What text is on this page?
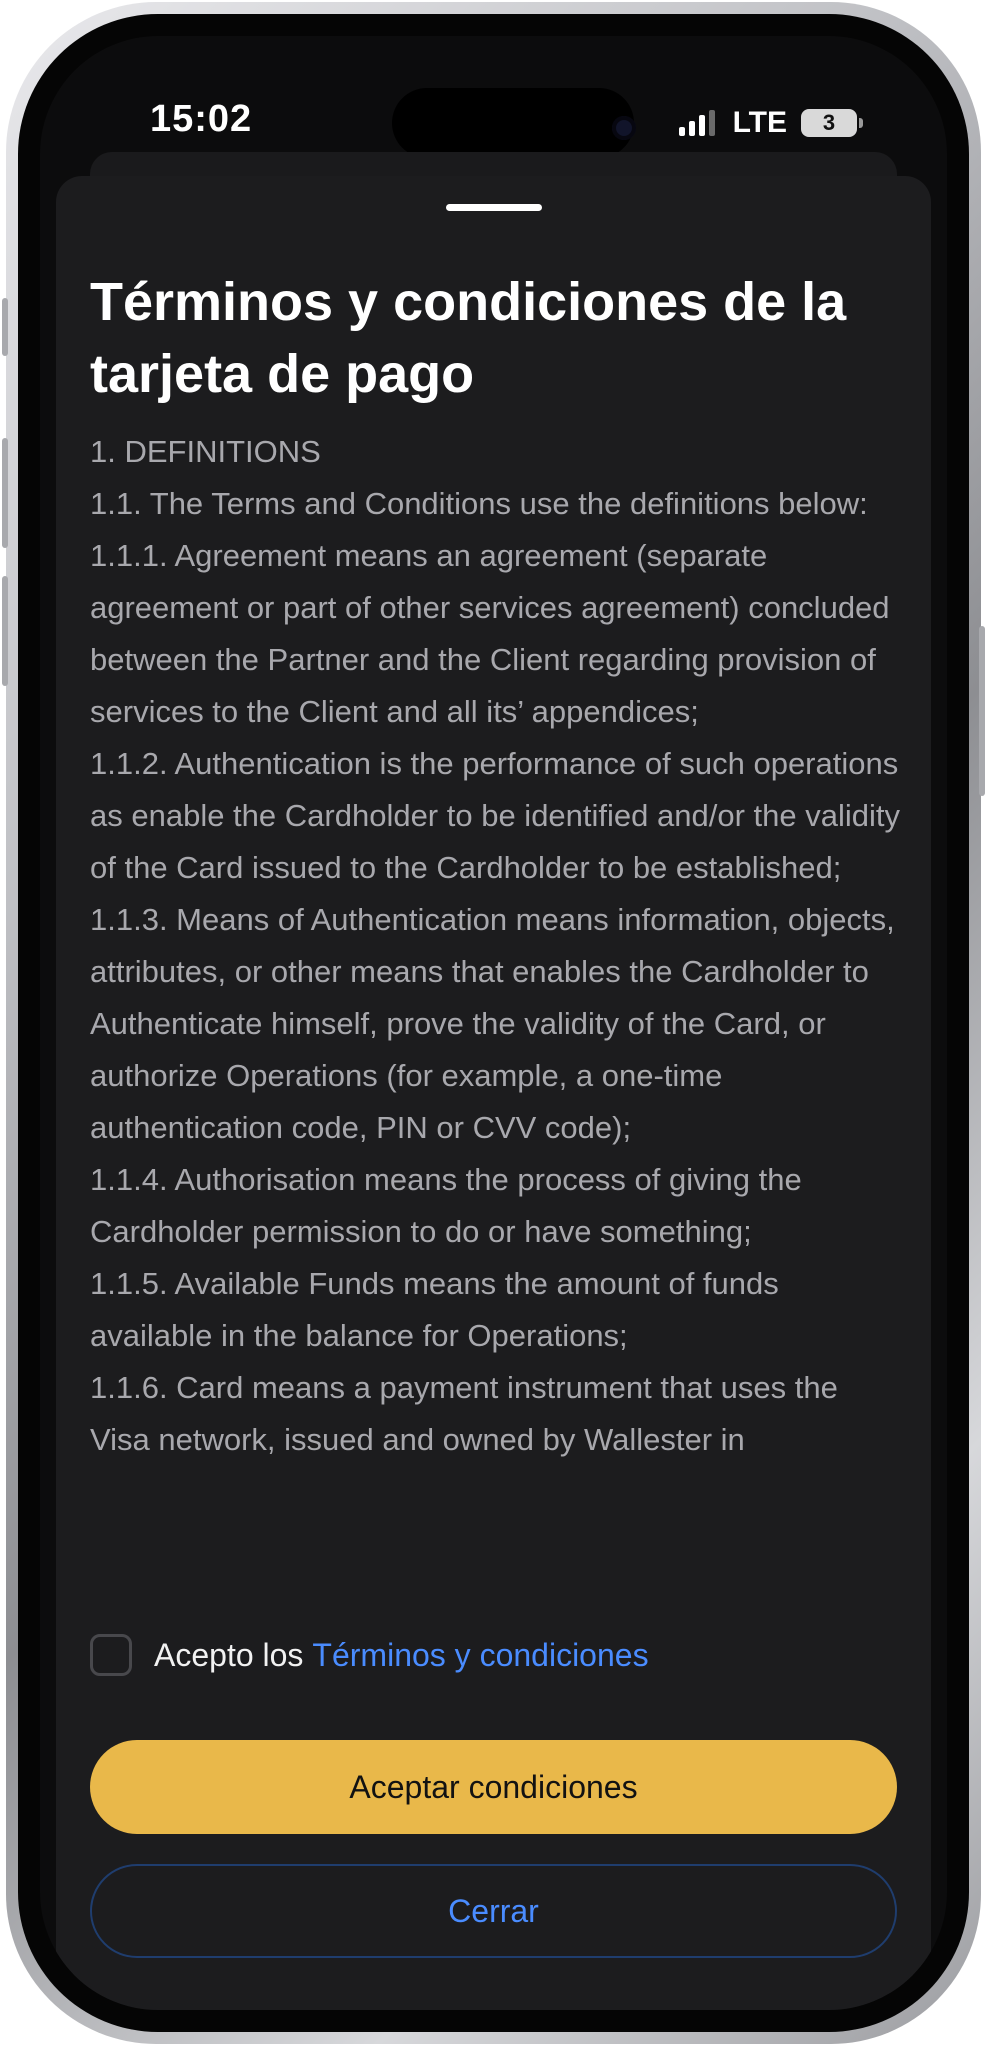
15:02	LTE 3
Términos y condiciones de la tarjeta de pago

1. DEFINITIONS

1.1. The Terms and Conditions use the definitions below:

1.1.1. Agreement means an agreement (separate agreement or part of other services agreement) concluded between the Partner and the Client regarding provision of services to the Client and all its’ appendices;

1.1.2. Authentication is the performance of such operations as enable the Cardholder to be identified and/or the validity of the Card issued to the Cardholder to be established;

1.1.3. Means of Authentication means information, objects, attributes, or other means that enables the Cardholder to Authenticate himself, prove the validity of the Card, or authorize Operations (for example, a one-time authentication code, PIN or CVV code);

1.1.4. Authorisation means the process of giving the Cardholder permission to do or have something;

1.1.5. Available Funds means the amount of funds available in the balance for Operations;

1.1.6. Card means a payment instrument that uses the Visa network, issued and owned by Wallester in

Acepto los Términos y condiciones
Aceptar condiciones
Cerrar
